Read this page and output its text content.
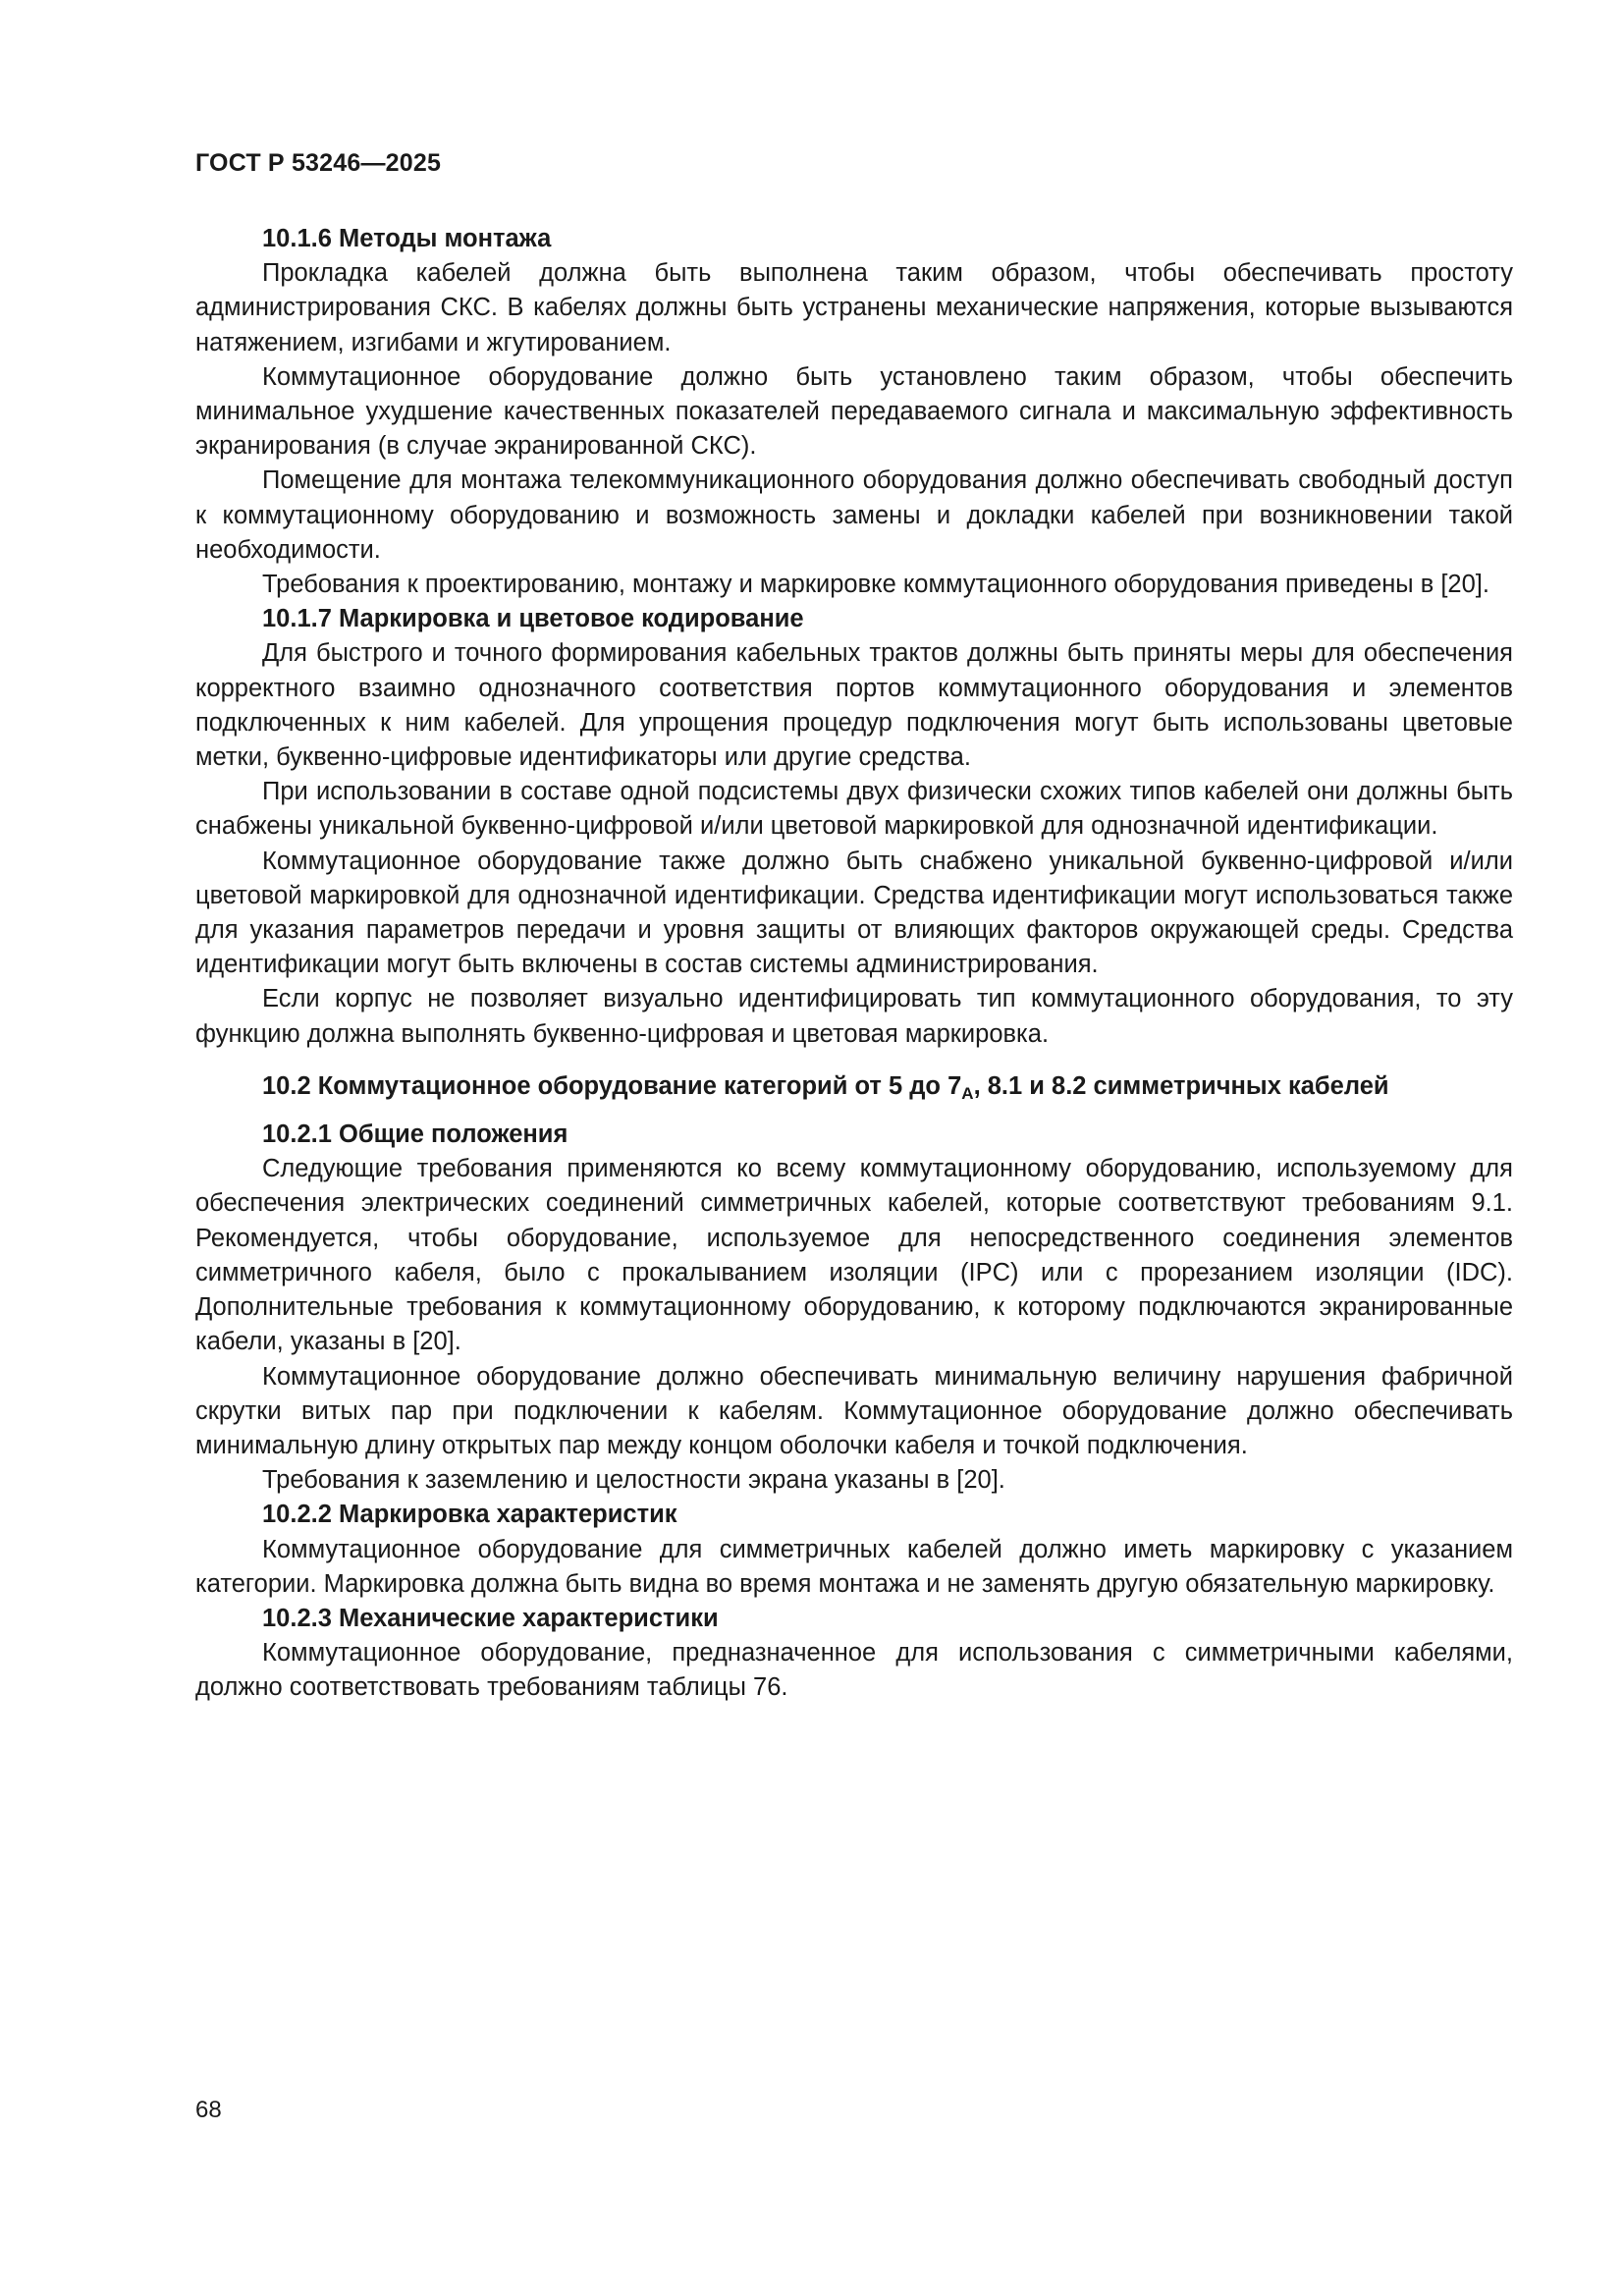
ГОСТ Р 53246—2025
10.1.6 Методы монтажа

Прокладка кабелей должна быть выполнена таким образом, чтобы обеспечивать простоту администрирования СКС. В кабелях должны быть устранены механические напряжения, которые вызываются натяжением, изгибами и жгутированием.

Коммутационное оборудование должно быть установлено таким образом, чтобы обеспечить минимальное ухудшение качественных показателей передаваемого сигнала и максимальную эффективность экранирования (в случае экранированной СКС).

Помещение для монтажа телекоммуникационного оборудования должно обеспечивать свободный доступ к коммутационному оборудованию и возможность замены и докладки кабелей при возникновении такой необходимости.

Требования к проектированию, монтажу и маркировке коммутационного оборудования приведены в [20].

10.1.7 Маркировка и цветовое кодирование

Для быстрого и точного формирования кабельных трактов должны быть приняты меры для обеспечения корректного взаимно однозначного соответствия портов коммутационного оборудования и элементов подключенных к ним кабелей. Для упрощения процедур подключения могут быть использованы цветовые метки, буквенно-цифровые идентификаторы или другие средства.

При использовании в составе одной подсистемы двух физически схожих типов кабелей они должны быть снабжены уникальной буквенно-цифровой и/или цветовой маркировкой для однозначной идентификации.

Коммутационное оборудование также должно быть снабжено уникальной буквенно-цифровой и/или цветовой маркировкой для однозначной идентификации. Средства идентификации могут использоваться также для указания параметров передачи и уровня защиты от влияющих факторов окружающей среды. Средства идентификации могут быть включены в состав системы администрирования.

Если корпус не позволяет визуально идентифицировать тип коммутационного оборудования, то эту функцию должна выполнять буквенно-цифровая и цветовая маркировка.

10.2 Коммутационное оборудование категорий от 5 до $7_A$, 8.1 и 8.2 симметричных кабелей
10.2.1 Общие положения

Следующие требования применяются ко всему коммутационному оборудованию, используемому для обеспечения электрических соединений симметричных кабелей, которые соответствуют требованиям 9.1. Рекомендуется, чтобы оборудование, используемое для непосредственного соединения элементов симметричного кабеля, было с прокалыванием изоляции (IPC) или с прорезанием изоляции (IDC). Дополнительные требования к коммутационному оборудованию, к которому подключаются экранированные кабели, указаны в [20].

Коммутационное оборудование должно обеспечивать минимальную величину нарушения фабричной скрутки витых пар при подключении к кабелям. Коммутационное оборудование должно обеспечивать минимальную длину открытых пар между концом оболочки кабеля и точкой подключения.

Требования к заземлению и целостности экрана указаны в [20].

10.2.2 Маркировка характеристик

Коммутационное оборудование для симметричных кабелей должно иметь маркировку с указанием категории. Маркировка должна быть видна во время монтажа и не заменять другую обязательную маркировку.

10.2.3 Механические характеристики

Коммутационное оборудование, предназначенное для использования с симметричными кабелями, должно соответствовать требованиям таблицы 76.

68
